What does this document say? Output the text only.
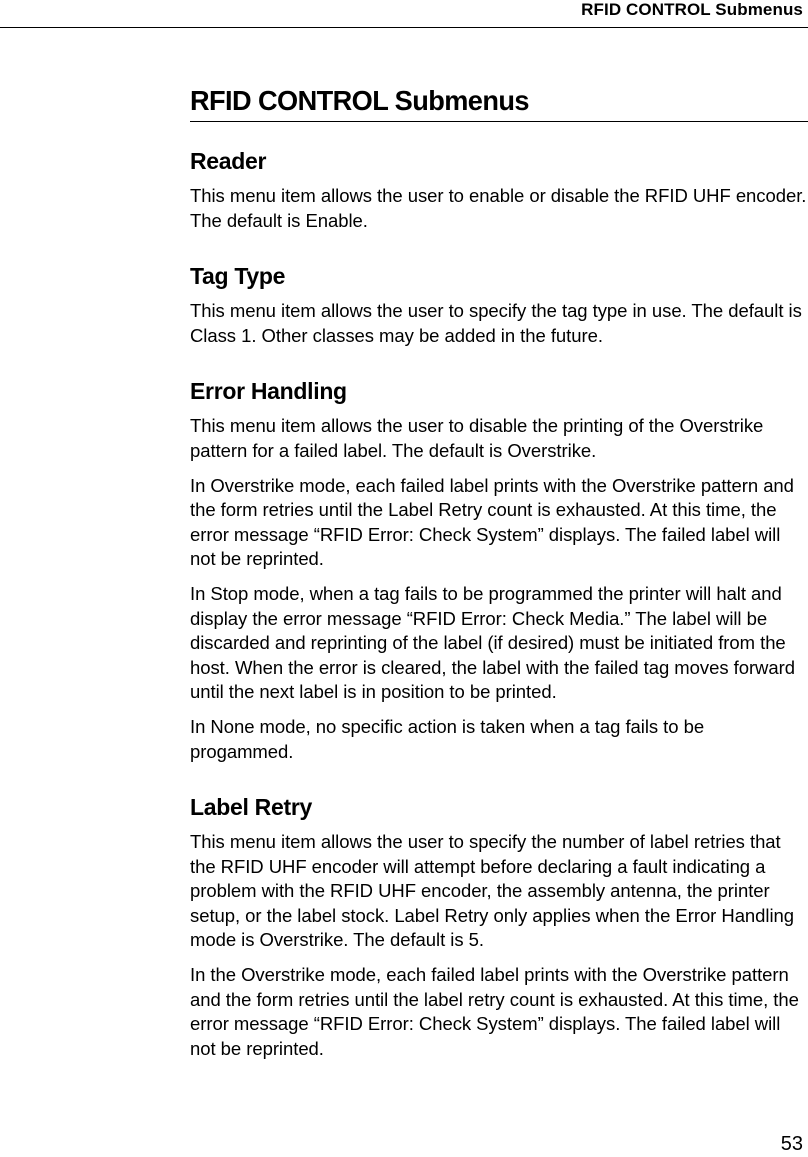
RFID CONTROL Submenus
RFID CONTROL Submenus
Reader

This menu item allows the user to enable or disable the RFID UHF encoder. The default is Enable.

Tag Type

This menu item allows the user to specify the tag type in use. The default is Class 1. Other classes may be added in the future.

Error Handling

This menu item allows the user to disable the printing of the Overstrike pattern for a failed label. The default is Overstrike.

In Overstrike mode, each failed label prints with the Overstrike pattern and the form retries until the Label Retry count is exhausted. At this time, the error message “RFID Error: Check System” displays. The failed label will not be reprinted.

In Stop mode, when a tag fails to be programmed the printer will halt and display the error message “RFID Error: Check Media.” The label will be discarded and reprinting of the label (if desired) must be initiated from the host. When the error is cleared, the label with the failed tag moves forward until the next label is in position to be printed.

In None mode, no specific action is taken when a tag fails to be progammed.

Label Retry

This menu item allows the user to specify the number of label retries that the RFID UHF encoder will attempt before declaring a fault indicating a problem with the RFID UHF encoder, the assembly antenna, the printer setup, or the label stock. Label Retry only applies when the Error Handling mode is Overstrike. The default is 5.

In the Overstrike mode, each failed label prints with the Overstrike pattern and the form retries until the label retry count is exhausted. At this time, the error message “RFID Error: Check System” displays. The failed label will not be reprinted.

53
